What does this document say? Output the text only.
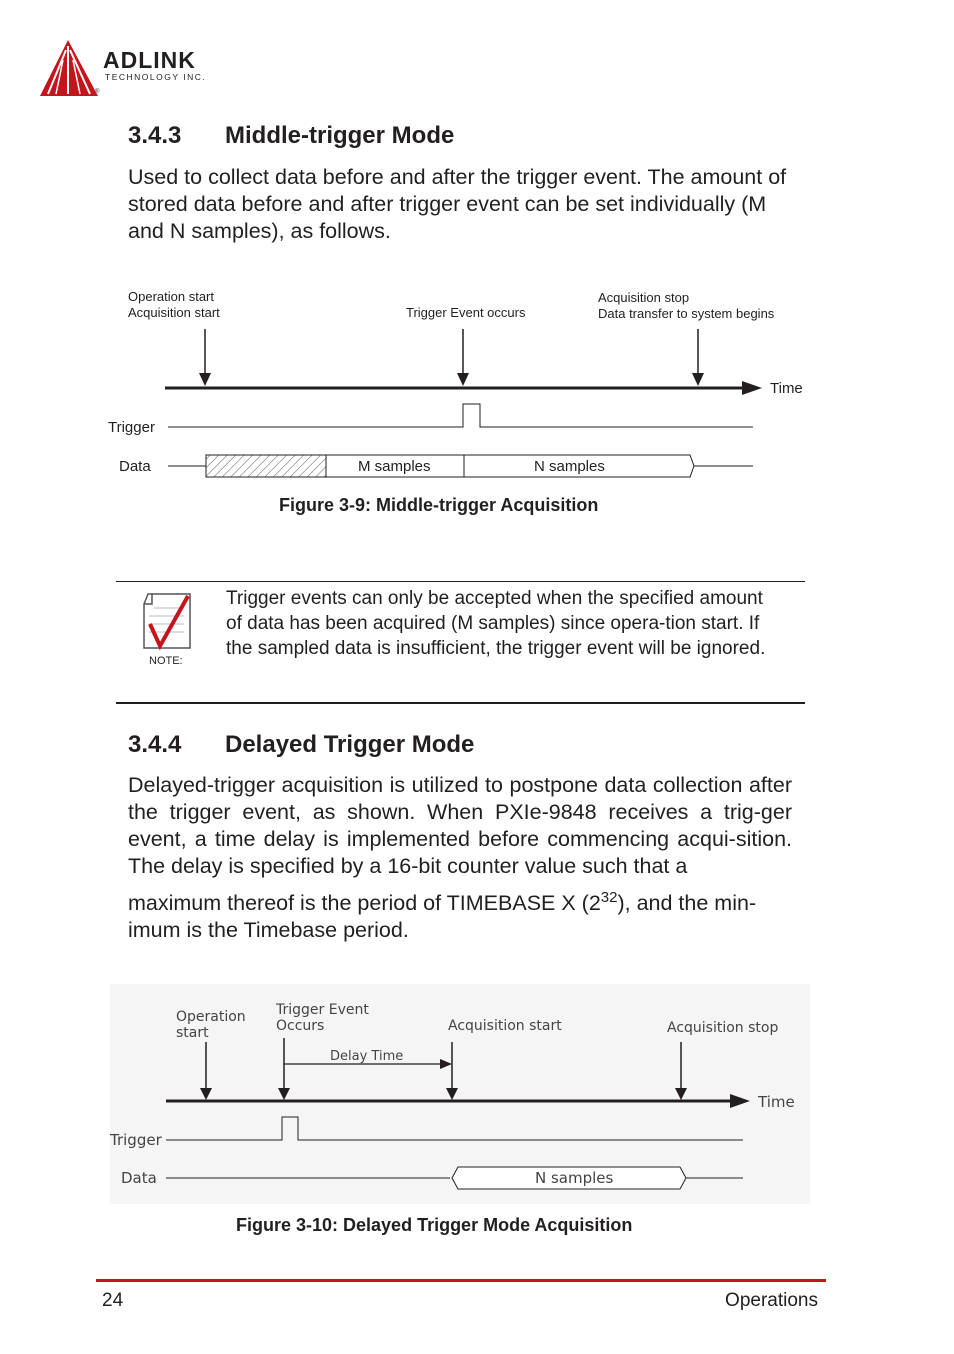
ADLINK
TECHNOLOGY INC.
®
3.4.3 Middle-trigger Mode

Used to collect data before and after the trigger event. The amount of stored data before and after trigger event can be set individually (M and N samples), as follows.

Operation start
Acquisition start	Trigger Event occurs
Acquisition stop
Data transfer to system begins
Time
Trigger
Data	M samples	N samples
Figure 3-9: Middle-trigger Acquisition
NOTE:

Trigger events can only be accepted when the specified amount of data has been acquired (M samples) since opera-tion start. If the sampled data is insufficient, the trigger event will be ignored.

3.4.4 Delayed Trigger Mode

Delayed-trigger acquisition is utilized to postpone data collection after the trigger event, as shown. When PXIe-9848 receives a trig-ger event, a time delay is implemented before commencing acqui-sition. The delay is specified by a 16-bit counter value such that a

maximum thereof is the period of TIMEBASE X $(2^{32})$, and the min-imum is the Timebase period.

Operation
start
Trigger Event
Occurs
Delay Time
Acquisition start	Acquisition stop
Time
Trigger
Data	N samples
Figure 3-10: Delayed Trigger Mode Acquisition
24	Operations
